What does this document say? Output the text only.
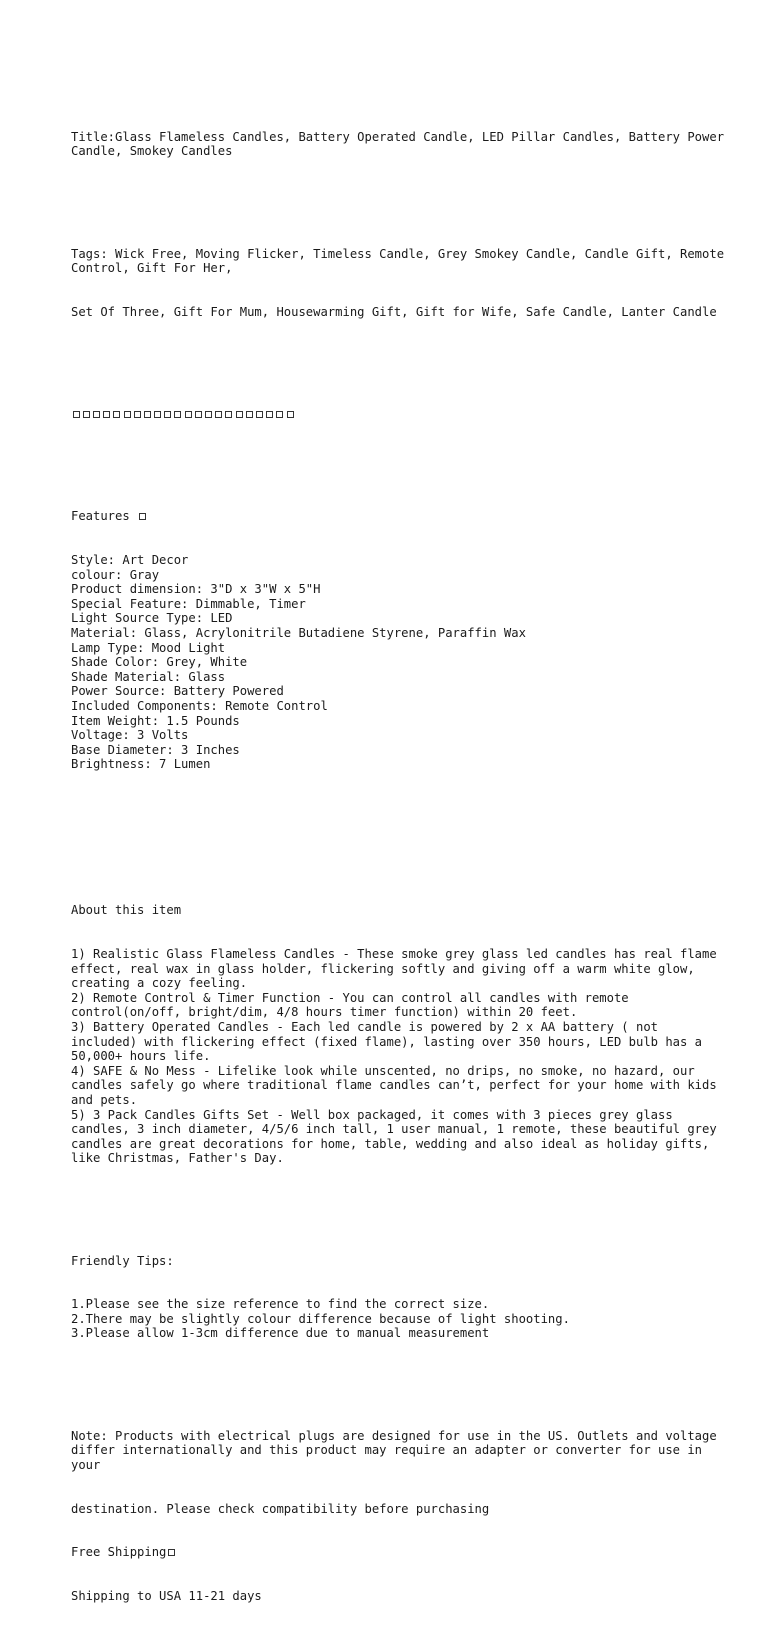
Title:Glass Flameless Candles, Battery Operated Candle, LED Pillar Candles, Battery Power Candle, Smokey Candles

Tags: Wick Free, Moving Flicker, Timeless Candle, Grey Smokey Candle, Candle Gift, Remote Control, Gift For Her,

Set Of Three, Gift For Mum, Housewarming Gift, Gift for Wife, Safe Candle, Lanter Candle

Features

Style: Art Decor
colour: Gray
Product dimension: 3"D x 3"W x 5"H
Special Feature: Dimmable, Timer
Light Source Type: LED
Material: Glass, Acrylonitrile Butadiene Styrene, Paraffin Wax
Lamp Type: Mood Light
Shade Color: Grey, White
Shade Material: Glass
Power Source: Battery Powered
Included Components: Remote Control
Item Weight: 1.5 Pounds
Voltage: 3 Volts
Base Diameter: 3 Inches
Brightness: 7 Lumen

About this item

1) Realistic Glass Flameless Candles - These smoke grey glass led candles has real flame effect, real wax in glass holder, flickering softly and giving off a warm white glow, creating a cozy feeling.
2) Remote Control & Timer Function - You can control all candles with remote control(on/off, bright/dim, 4/8 hours timer function) within 20 feet.
3) Battery Operated Candles - Each led candle is powered by 2 x AA battery ( not included) with flickering effect (fixed flame), lasting over 350 hours, LED bulb has a 50,000+ hours life.
4) SAFE & No Mess - Lifelike look while unscented, no drips, no smoke, no hazard, our candles safely go where traditional flame candles can’t, perfect for your home with kids and pets.
5) 3 Pack Candles Gifts Set - Well box packaged, it comes with 3 pieces grey glass candles, 3 inch diameter, 4/5/6 inch tall, 1 user manual, 1 remote, these beautiful grey candles are great decorations for home, table, wedding and also ideal as holiday gifts, like Christmas, Father's Day.

Friendly Tips:

1.Please see the size reference to find the correct size.
2.There may be slightly colour difference because of light shooting.
3.Please allow 1-3cm difference due to manual measurement

Note: Products with electrical plugs are designed for use in the US. Outlets and voltage differ internationally and this product may require an adapter or converter for use in your

destination. Please check compatibility before purchasing

Free Shipping

Shipping to USA 11-21 days
